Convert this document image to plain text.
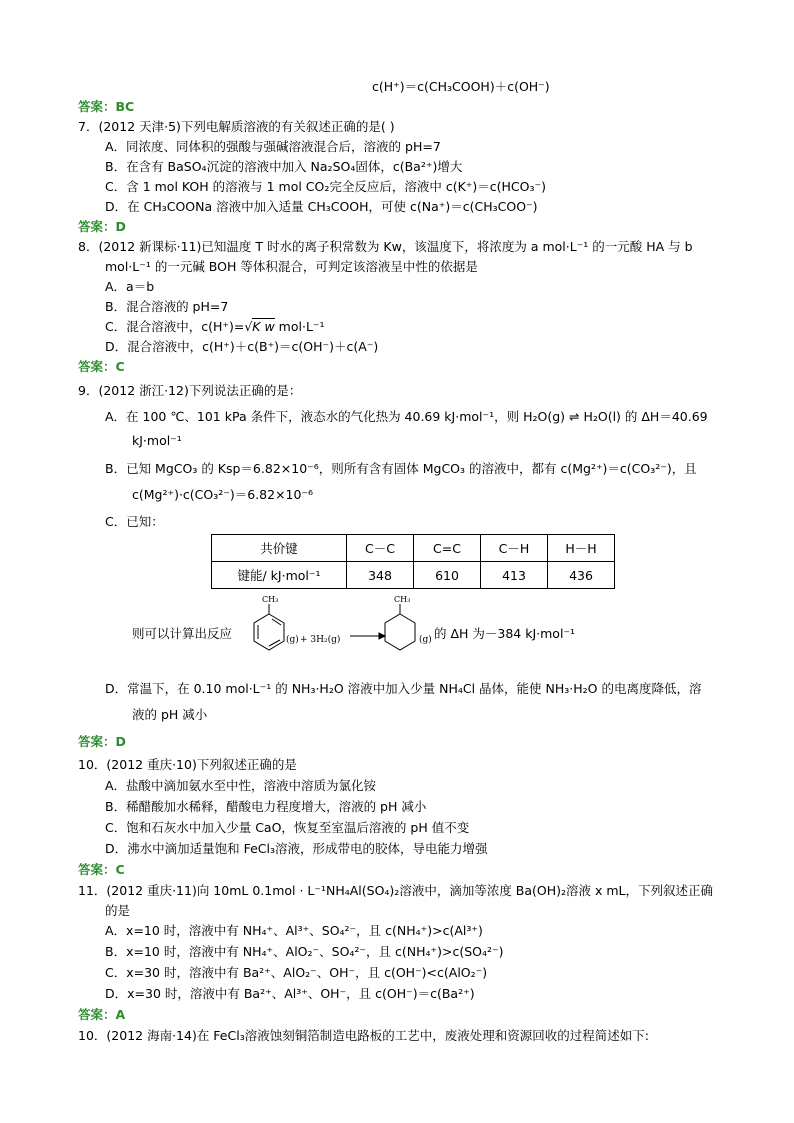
c(H⁺)＝c(CH₃COOH)＋c(OH⁻)
答案：BC
7．(2012 天津·5)下列电解质溶液的有关叙述正确的是( )
A．同浓度、同体积的强酸与强碱溶液混合后，溶液的 pH=7
B．在含有 BaSO₄沉淀的溶液中加入 Na₂SO₄固体，c(Ba²⁺)增大
C．含 1 mol KOH 的溶液与 1 mol CO₂完全反应后，溶液中 c(K⁺)＝c(HCO₃⁻)
D．在 CH₃COONa 溶液中加入适量 CH₃COOH，可使 c(Na⁺)＝c(CH₃COO⁻)
答案：D
8．(2012 新课标·11)已知温度 T 时水的离子积常数为 Kw，该温度下，将浓度为 a mol·L⁻¹ 的一元酸 HA 与 b
mol·L⁻¹ 的一元碱 BOH 等体积混合，可判定该溶液呈中性的依据是
A．a＝b
B．混合溶液的 pH=7
C．混合溶液中，c(H⁺)=√K w mol·L⁻¹
D．混合溶液中，c(H⁺)＋c(B⁺)＝c(OH⁻)＋c(A⁻)
答案：C
9．(2012 浙江·12)下列说法正确的是：
A．在 100 ℃、101 kPa 条件下，液态水的气化热为 40.69 kJ·mol⁻¹，则 H₂O(g) ⇌ H₂O(l) 的 ΔH＝40.69
kJ·mol⁻¹
B．已知 MgCO₃ 的 Ksp＝6.82×10⁻⁶，则所有含有固体 MgCO₃ 的溶液中，都有 c(Mg²⁺)＝c(CO₃²⁻)，且
c(Mg²⁺)·c(CO₃²⁻)＝6.82×10⁻⁶
C．已知：
共价键	C－C	C=C	C－H	H－H
键能/ kJ·mol⁻¹	348	610	413	436
则可以计算出反应
CH₃
(g) + 3H₂(g)
CH₃
(g) 的 ΔH 为－384 kJ·mol⁻¹
D．常温下，在 0.10 mol·L⁻¹ 的 NH₃·H₂O 溶液中加入少量 NH₄Cl 晶体，能使 NH₃·H₂O 的电离度降低，溶
液的 pH 减小
答案：D
10．(2012 重庆·10)下列叙述正确的是
A．盐酸中滴加氨水至中性，溶液中溶质为氯化铵
B．稀醋酸加水稀释，醋酸电力程度增大，溶液的 pH 减小
C．饱和石灰水中加入少量 CaO，恢复至室温后溶液的 pH 值不变
D．沸水中滴加适量饱和 FeCl₃溶液，形成带电的胶体，导电能力增强
答案：C
11．(2012 重庆·11)向 10mL 0.1mol · L⁻¹NH₄Al(SO₄)₂溶液中，滴加等浓度 Ba(OH)₂溶液 x mL，下列叙述正确
的是
A．x=10 时，溶液中有 NH₄⁺、Al³⁺、SO₄²⁻，且 c(NH₄⁺)>c(Al³⁺)
B．x=10 时，溶液中有 NH₄⁺、AlO₂⁻、SO₄²⁻，且 c(NH₄⁺)>c(SO₄²⁻)
C．x=30 时，溶液中有 Ba²⁺、AlO₂⁻、OH⁻，且 c(OH⁻)<c(AlO₂⁻)
D．x=30 时，溶液中有 Ba²⁺、Al³⁺、OH⁻，且 c(OH⁻)＝c(Ba²⁺)
答案：A
10．(2012 海南·14)在 FeCl₃溶液蚀刻铜箔制造电路板的工艺中，废液处理和资源回收的过程简述如下:
